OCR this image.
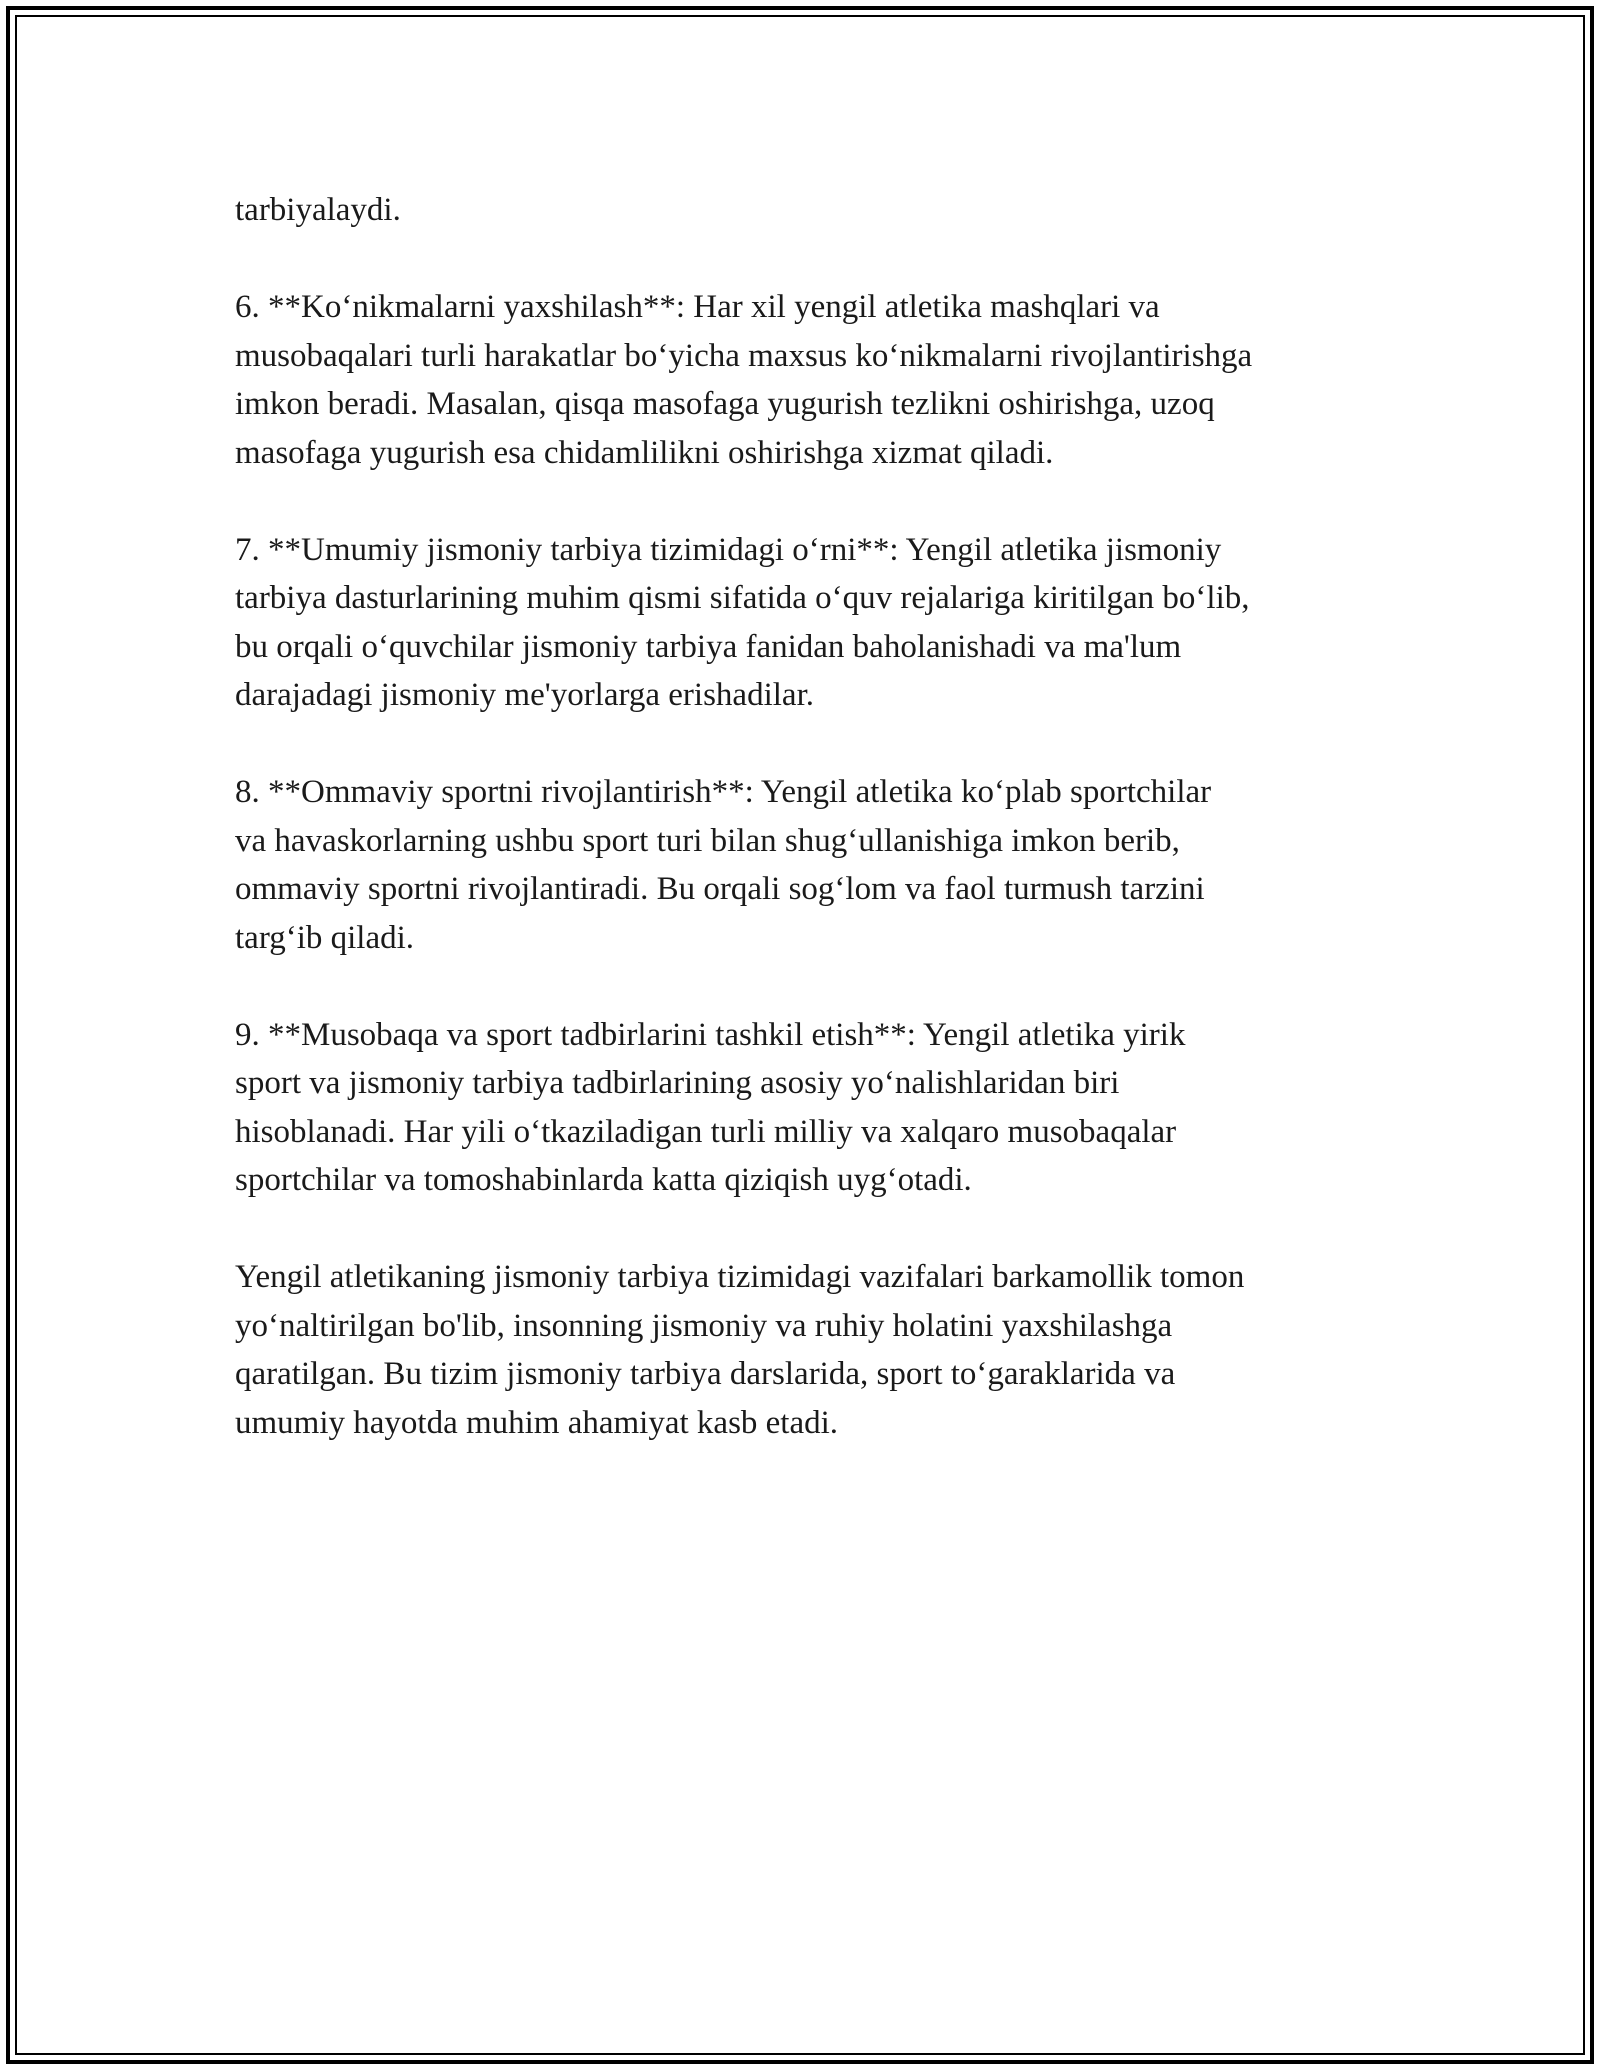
tarbiyalaydi.

6. **Koʻnikmalarni yaxshilash**: Har xil yengil atletika mashqlari va
musobaqalari turli harakatlar boʻyicha maxsus koʻnikmalarni rivojlantirishga
imkon beradi. Masalan, qisqa masofaga yugurish tezlikni oshirishga, uzoq
masofaga yugurish esa chidamlilikni oshirishga xizmat qiladi.

7. **Umumiy jismoniy tarbiya tizimidagi oʻrni**: Yengil atletika jismoniy
tarbiya dasturlarining muhim qismi sifatida oʻquv rejalariga kiritilgan boʻlib,
bu orqali oʻquvchilar jismoniy tarbiya fanidan baholanishadi va ma'lum
darajadagi jismoniy me'yorlarga erishadilar.

8. **Ommaviy sportni rivojlantirish**: Yengil atletika koʻplab sportchilar
va havaskorlarning ushbu sport turi bilan shugʻullanishiga imkon berib,
ommaviy sportni rivojlantiradi. Bu orqali sogʻlom va faol turmush tarzini
targʻib qiladi.

9. **Musobaqa va sport tadbirlarini tashkil etish**: Yengil atletika yirik
sport va jismoniy tarbiya tadbirlarining asosiy yoʻnalishlaridan biri
hisoblanadi. Har yili oʻtkaziladigan turli milliy va xalqaro musobaqalar
sportchilar va tomoshabinlarda katta qiziqish uygʻotadi.

Yengil atletikaning jismoniy tarbiya tizimidagi vazifalari barkamollik tomon
yoʻnaltirilgan bo'lib, insonning jismoniy va ruhiy holatini yaxshilashga
qaratilgan. Bu tizim jismoniy tarbiya darslarida, sport toʻgaraklarida va
umumiy hayotda muhim ahamiyat kasb etadi.
